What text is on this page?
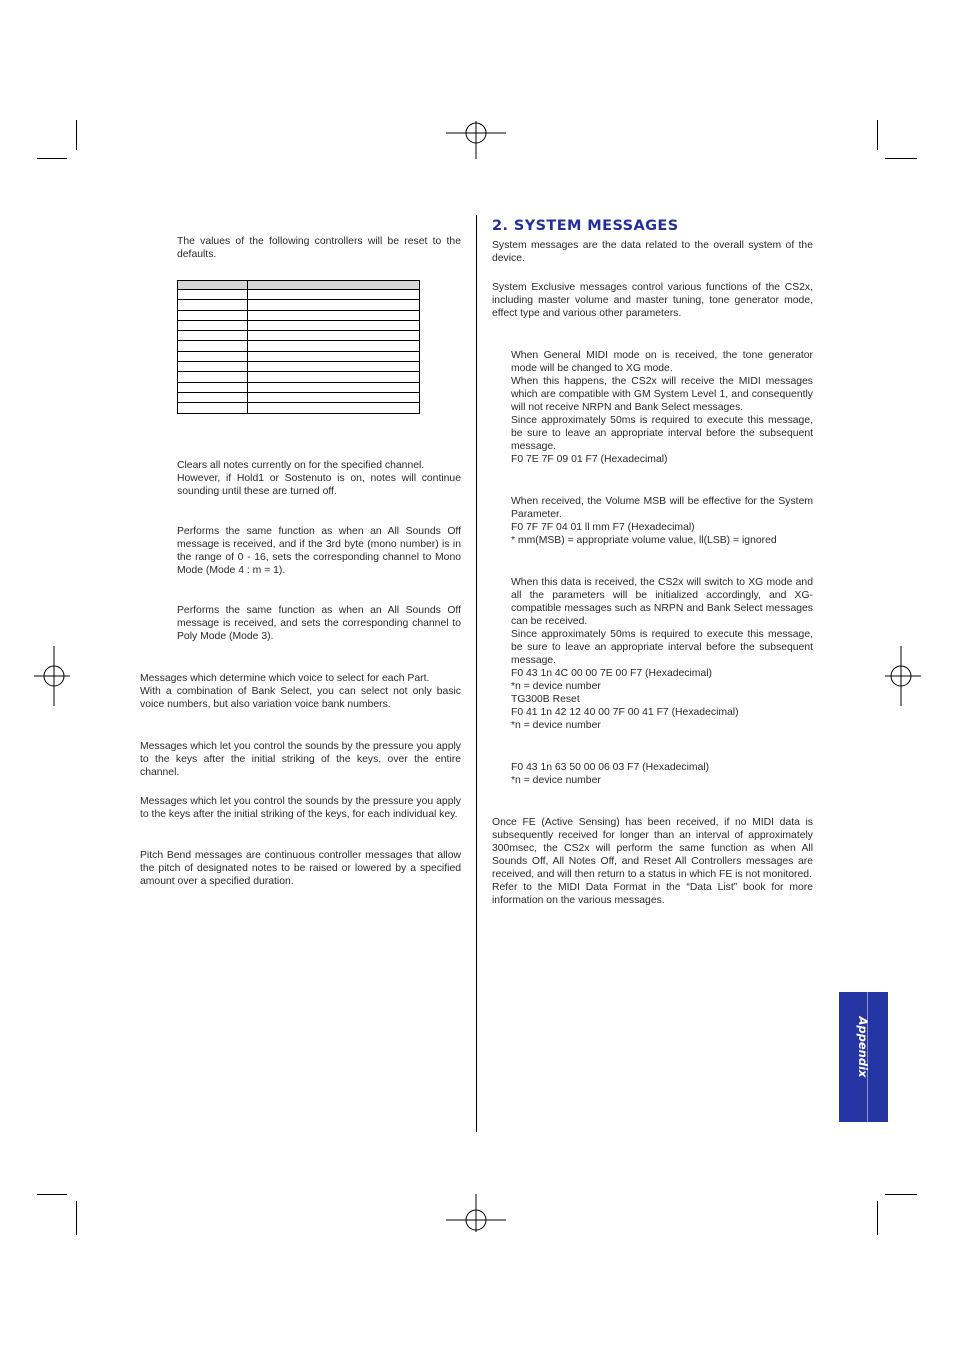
The values of the following controllers will be reset to the defaults.

Clears all notes currently on for the specified channel.

However, if Hold1 or Sostenuto is on, notes will continue sounding until these are turned off.

Performs the same function as when an All Sounds Off message is received, and if the 3rd byte (mono number) is in the range of 0 - 16, sets the corresponding channel to Mono Mode (Mode 4 : m = 1).

Performs the same function as when an All Sounds Off message is received, and sets the corresponding channel to Poly Mode (Mode 3).

Messages which determine which voice to select for each Part.

With a combination of Bank Select, you can select not only basic voice numbers, but also variation voice bank numbers.

Messages which let you control the sounds by the pressure you apply to the keys after the initial striking of the keys, over the entire channel.

Messages which let you control the sounds by the pressure you apply to the keys after the initial striking of the keys, for each individual key.

Pitch Bend messages are continuous controller messages that allow the pitch of designated notes to be raised or lowered by a specified amount over a specified duration.

2. SYSTEM MESSAGES

System messages are the data related to the overall system of the device.

System Exclusive messages control various functions of the CS2x, including master volume and master tuning, tone generator mode, effect type and various other parameters.

When General MIDI mode on is received, the tone generator mode will be changed to XG mode.

When this happens, the CS2x will receive the MIDI messages which are compatible with GM System Level 1, and consequently will not receive NRPN and Bank Select messages.

Since approximately 50ms is required to execute this message, be sure to leave an appropriate interval before the subsequent message.

F0 7E 7F 09 01 F7 (Hexadecimal)

When received, the Volume MSB will be effective for the System Parameter.

F0 7F 7F 04 01 ll mm F7 (Hexadecimal)

* mm(MSB) = appropriate volume value, ll(LSB) = ignored

When this data is received, the CS2x will switch to XG mode and all the parameters will be initialized accordingly, and XG-compatible messages such as NRPN and Bank Select messages can be received.

Since approximately 50ms is required to execute this message, be sure to leave an appropriate interval before the subsequent message.

F0 43 1n 4C 00 00 7E 00 F7 (Hexadecimal)

*n = device number

TG300B Reset

F0 41 1n 42 12 40 00 7F 00 41 F7 (Hexadecimal)

*n = device number

F0 43 1n 63 50 00 06 03 F7 (Hexadecimal)

*n = device number

Once FE (Active Sensing) has been received, if no MIDI data is subsequently received for longer than an interval of approximately 300msec, the CS2x will perform the same function as when All Sounds Off, All Notes Off, and Reset All Controllers messages are received, and will then return to a status in which FE is not monitored.

Refer to the MIDI Data Format in the “Data List” book for more information on the various messages.

Appendix
